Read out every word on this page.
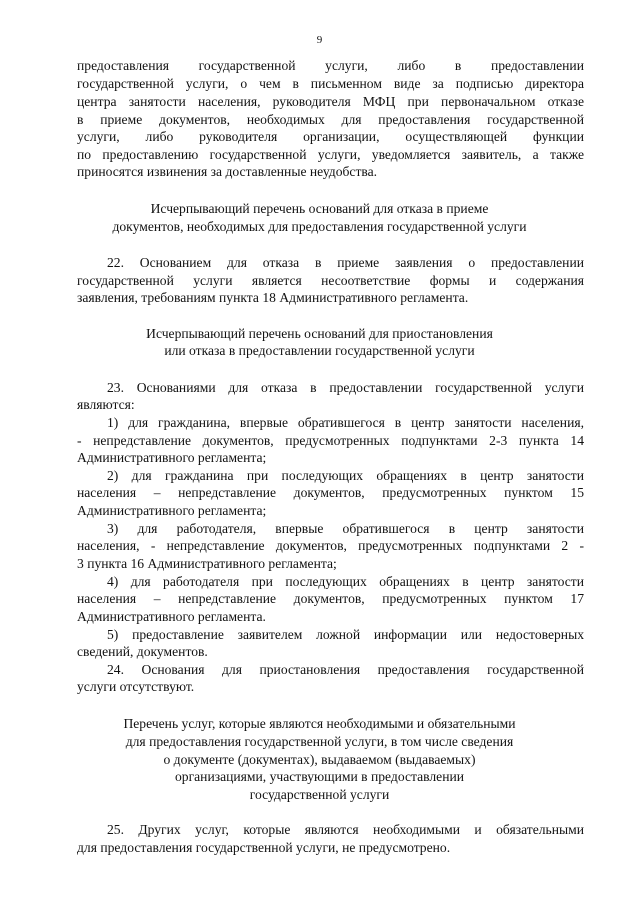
9
предоставления государственной услуги, либо в предоставлении
государственной услуги, о чем в письменном виде за подписью директора
центра занятости населения, руководителя МФЦ при первоначальном отказе
в приеме документов, необходимых для предоставления государственной
услуги, либо руководителя организации, осуществляющей функции
по предоставлению государственной услуги, уведомляется заявитель, а также
приносятся извинения за доставленные неудобства.
Исчерпывающий перечень оснований для отказа в приеме
документов, необходимых для предоставления государственной услуги
22. Основанием для отказа в приеме заявления о предоставлении
государственной услуги является несоответствие формы и содержания
заявления, требованиям пункта 18 Административного регламента.
Исчерпывающий перечень оснований для приостановления
или отказа в предоставлении государственной услуги
23. Основаниями для отказа в предоставлении государственной услуги
являются:
1) для гражданина, впервые обратившегося в центр занятости населения,
- непредставление документов, предусмотренных подпунктами 2-3 пункта 14
Административного регламента;
2) для гражданина при последующих обращениях в центр занятости
населения – непредставление документов, предусмотренных пунктом 15
Административного регламента;
3) для работодателя, впервые обратившегося в центр занятости
населения, - непредставление документов, предусмотренных подпунктами 2 -
3 пункта 16 Административного регламента;
4) для работодателя при последующих обращениях в центр занятости
населения – непредставление документов, предусмотренных пунктом 17
Административного регламента.
5) предоставление заявителем ложной информации или недостоверных
сведений, документов.
24. Основания для приостановления предоставления государственной
услуги отсутствуют.
Перечень услуг, которые являются необходимыми и обязательными
для предоставления государственной услуги, в том числе сведения
о документе (документах), выдаваемом (выдаваемых)
организациями, участвующими в предоставлении
государственной услуги
25. Других услуг, которые являются необходимыми и обязательными
для предоставления государственной услуги, не предусмотрено.
